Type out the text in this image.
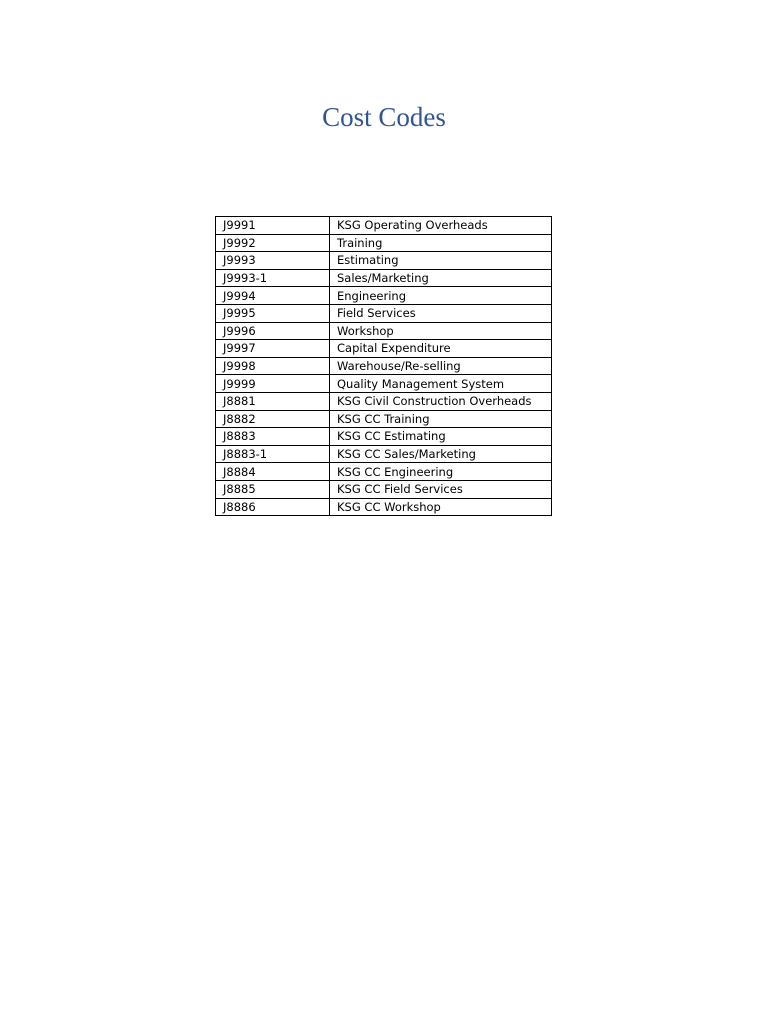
Cost Codes
J9991	KSG Operating Overheads
J9992	Training
J9993	Estimating
J9993-1	Sales/Marketing
J9994	Engineering
J9995	Field Services
J9996	Workshop
J9997	Capital Expenditure
J9998	Warehouse/Re-selling
J9999	Quality Management System
J8881	KSG Civil Construction Overheads
J8882	KSG CC Training
J8883	KSG CC Estimating
J8883-1	KSG CC Sales/Marketing
J8884	KSG CC Engineering
J8885	KSG CC Field Services
J8886	KSG CC Workshop
